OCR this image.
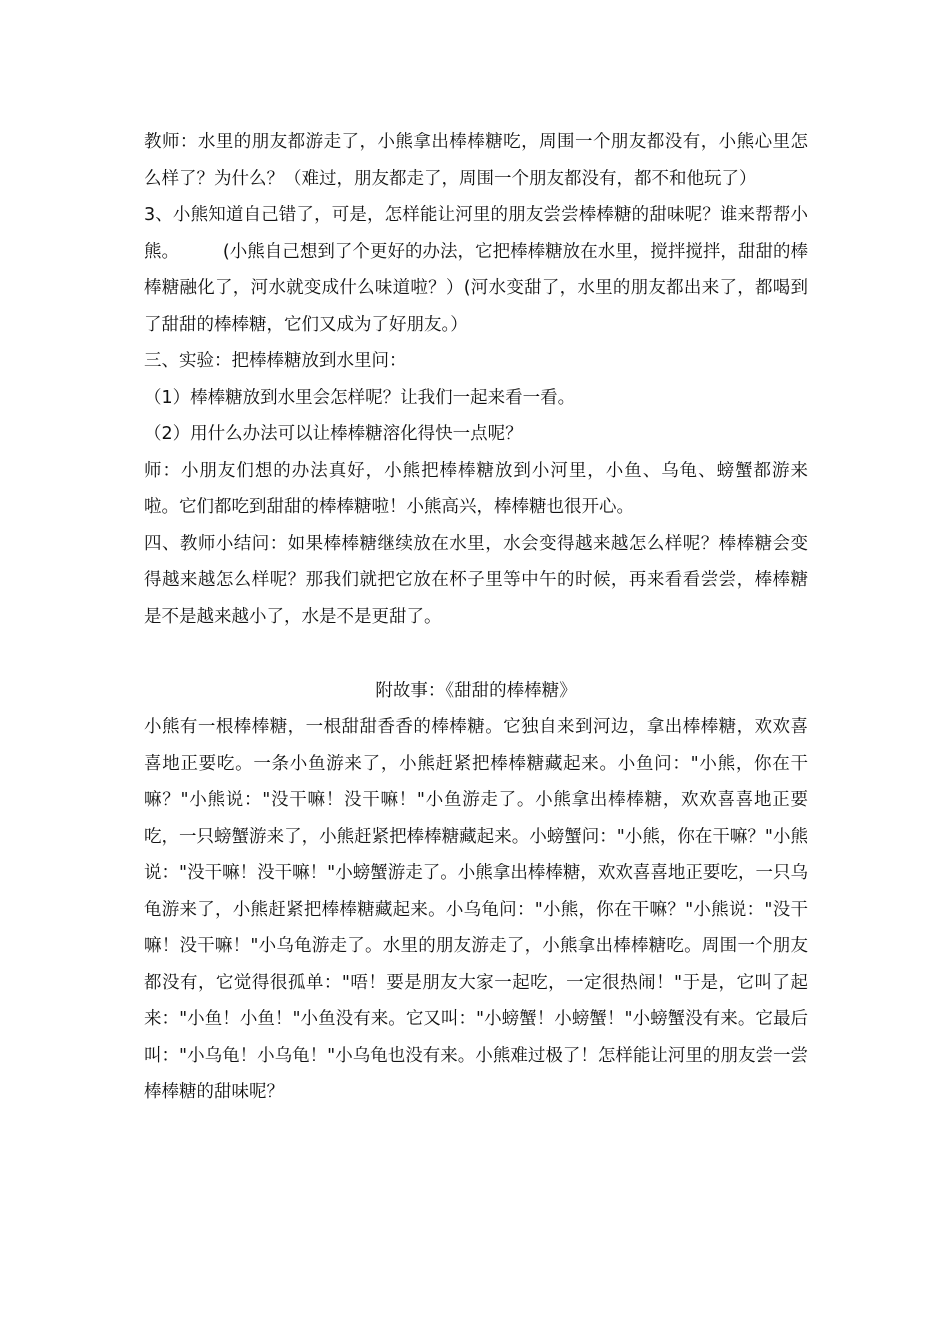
教师：水里的朋友都游走了，小熊拿出棒棒糖吃，周围一个朋友都没有，小熊心里怎么样了？为什么？（难过，朋友都走了，周围一个朋友都没有，都不和他玩了）

3、小熊知道自己错了，可是，怎样能让河里的朋友尝尝棒棒糖的甜味呢？谁来帮帮小熊。　　　(小熊自己想到了个更好的办法，它把棒棒糖放在水里，搅拌搅拌，甜甜的棒棒糖融化了，河水就变成什么味道啦？）(河水变甜了，水里的朋友都出来了，都喝到了甜甜的棒棒糖，它们又成为了好朋友。）

三、实验：把棒棒糖放到水里问：

（1）棒棒糖放到水里会怎样呢？让我们一起来看一看。

（2）用什么办法可以让棒棒糖溶化得快一点呢？

师：小朋友们想的办法真好，小熊把棒棒糖放到小河里，小鱼、乌龟、螃蟹都游来啦。它们都吃到甜甜的棒棒糖啦！小熊高兴，棒棒糖也很开心。

四、教师小结问：如果棒棒糖继续放在水里，水会变得越来越怎么样呢？棒棒糖会变得越来越怎么样呢？那我们就把它放在杯子里等中午的时候，再来看看尝尝，棒棒糖是不是越来越小了，水是不是更甜了。

附故事：《甜甜的棒棒糖》

小熊有一根棒棒糖，一根甜甜香香的棒棒糖。它独自来到河边，拿出棒棒糖，欢欢喜喜地正要吃。一条小鱼游来了，小熊赶紧把棒棒糖藏起来。小鱼问："小熊，你在干嘛？"小熊说："没干嘛！没干嘛！"小鱼游走了。小熊拿出棒棒糖，欢欢喜喜地正要吃，一只螃蟹游来了，小熊赶紧把棒棒糖藏起来。小螃蟹问："小熊，你在干嘛？"小熊说："没干嘛！没干嘛！"小螃蟹游走了。小熊拿出棒棒糖，欢欢喜喜地正要吃，一只乌龟游来了，小熊赶紧把棒棒糖藏起来。小乌龟问："小熊，你在干嘛？"小熊说："没干嘛！没干嘛！"小乌龟游走了。水里的朋友游走了，小熊拿出棒棒糖吃。周围一个朋友都没有，它觉得很孤单："唔！要是朋友大家一起吃，一定很热闹！"于是，它叫了起来："小鱼！小鱼！"小鱼没有来。它又叫："小螃蟹！小螃蟹！"小螃蟹没有来。它最后叫："小乌龟！小乌龟！"小乌龟也没有来。小熊难过极了！怎样能让河里的朋友尝一尝棒棒糖的甜味呢？
